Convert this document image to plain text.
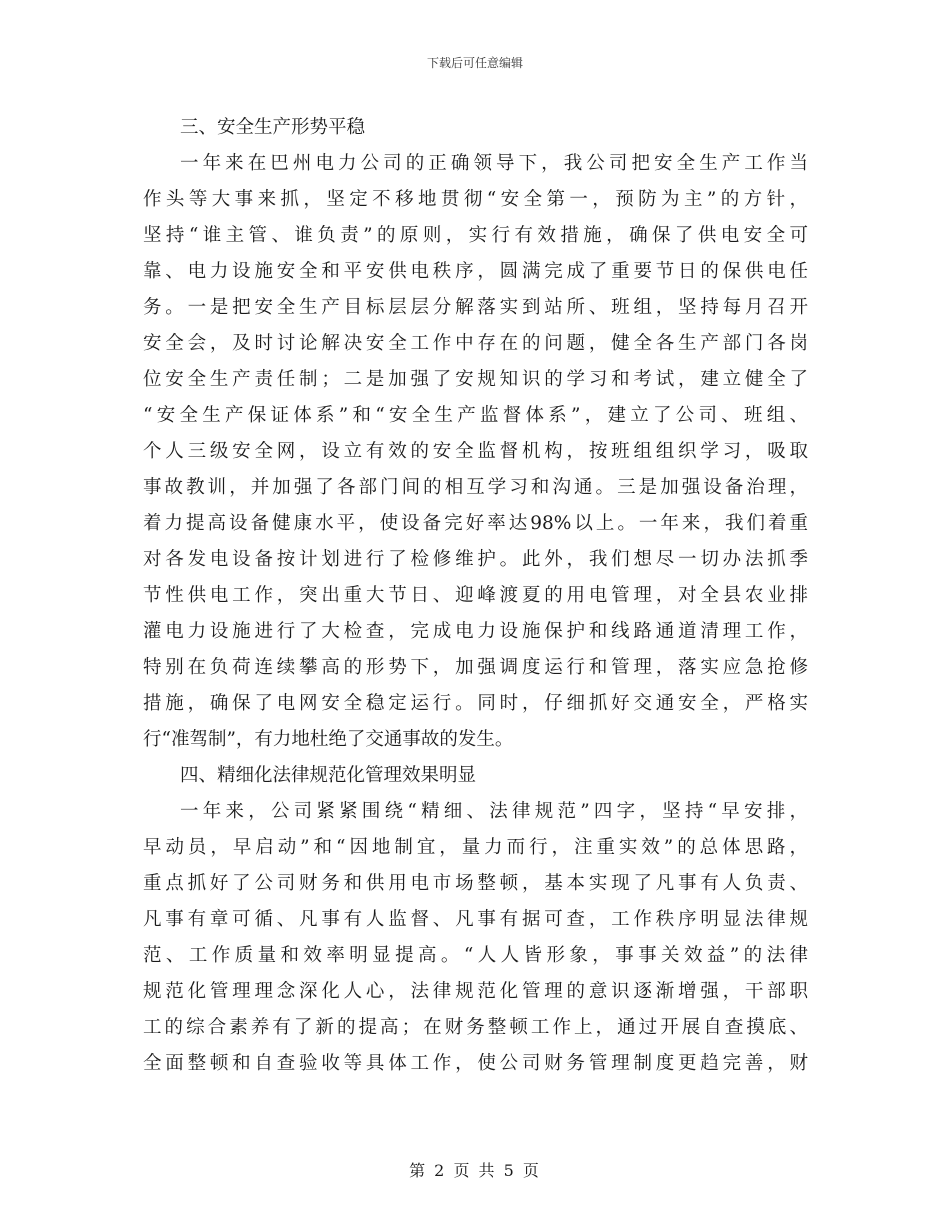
下载后可任意编辑
三、安全生产形势平稳
一年来在巴州电力公司的正确领导下，我公司把安全生产工作当
作头等大事来抓，坚定不移地贯彻“安全第一，预防为主”的方针，
坚持“谁主管、谁负责”的原则，实行有效措施，确保了供电安全可
靠、电力设施安全和平安供电秩序，圆满完成了重要节日的保供电任
务。一是把安全生产目标层层分解落实到站所、班组，坚持每月召开
安全会，及时讨论解决安全工作中存在的问题，健全各生产部门各岗
位安全生产责任制；二是加强了安规知识的学习和考试，建立健全了
“安全生产保证体系”和“安全生产监督体系”，建立了公司、班组、
个人三级安全网，设立有效的安全监督机构，按班组组织学习，吸取
事故教训，并加强了各部门间的相互学习和沟通。三是加强设备治理，
着力提高设备健康水平，使设备完好率达98%以上。一年来，我们着重
对各发电设备按计划进行了检修维护。此外，我们想尽一切办法抓季
节性供电工作，突出重大节日、迎峰渡夏的用电管理，对全县农业排
灌电力设施进行了大检查，完成电力设施保护和线路通道清理工作，
特别在负荷连续攀高的形势下，加强调度运行和管理，落实应急抢修
措施，确保了电网安全稳定运行。同时，仔细抓好交通安全，严格实
行“准驾制”，有力地杜绝了交通事故的发生。
四、精细化法律规范化管理效果明显
一年来，公司紧紧围绕“精细、法律规范”四字，坚持“早安排，
早动员，早启动”和“因地制宜，量力而行，注重实效”的总体思路，
重点抓好了公司财务和供用电市场整顿，基本实现了凡事有人负责、
凡事有章可循、凡事有人监督、凡事有据可查，工作秩序明显法律规
范、工作质量和效率明显提高。“人人皆形象，事事关效益”的法律
规范化管理理念深化人心，法律规范化管理的意识逐渐增强，干部职
工的综合素养有了新的提高；在财务整顿工作上，通过开展自查摸底、
全面整顿和自查验收等具体工作，使公司财务管理制度更趋完善，财
第 2 页 共 5 页
